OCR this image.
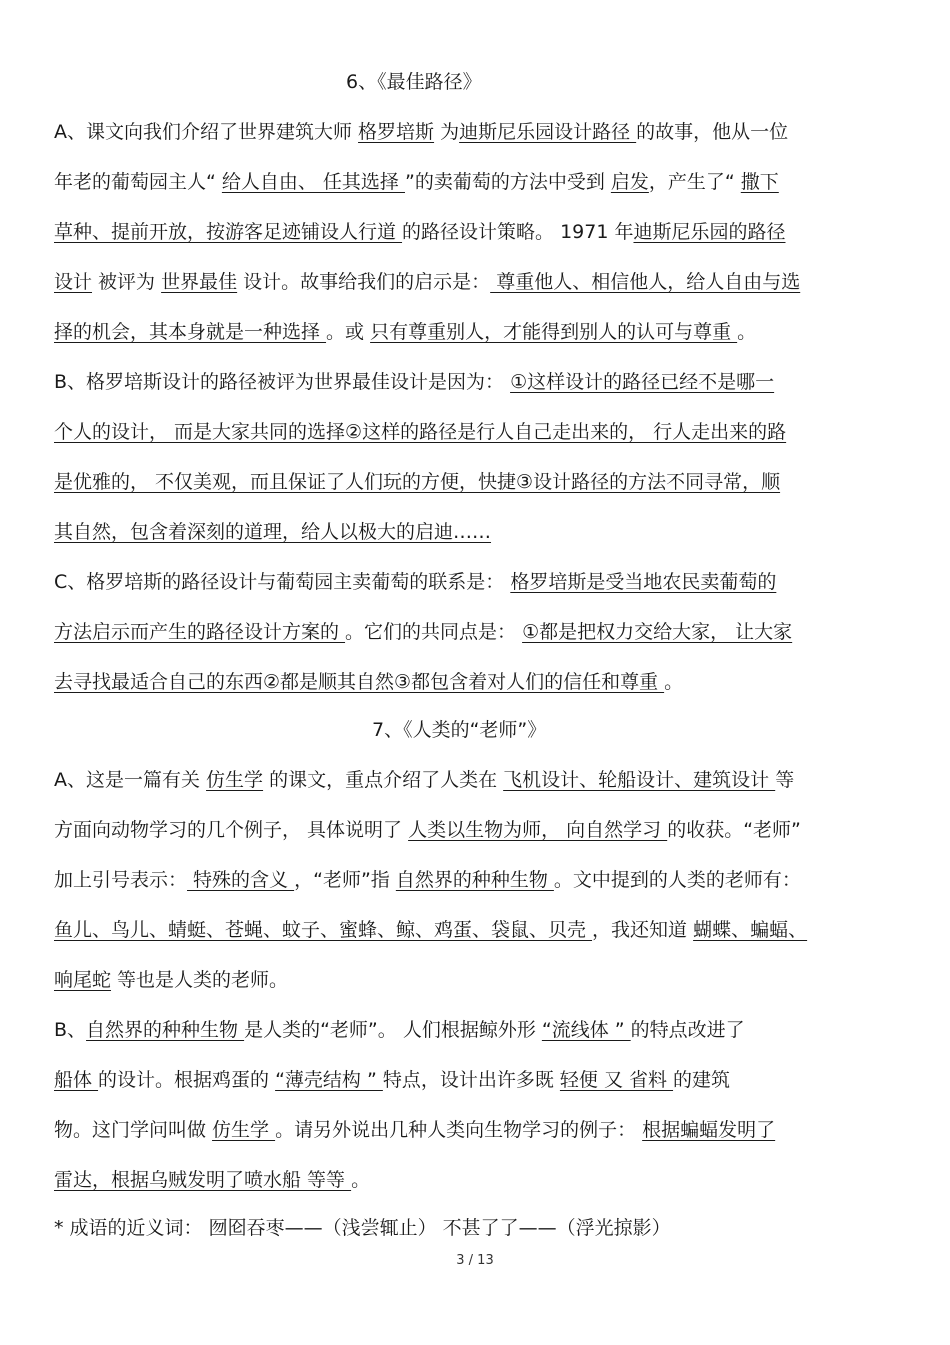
6、《最佳路径》
A、课文向我们介绍了世界建筑大师 格罗培斯 为迪斯尼乐园设计路径 的故事，他从一位
年老的葡萄园主人“ 给人自由、 任其选择 ”的卖葡萄的方法中受到 启发，产生了“ 撒下
草种、提前开放，按游客足迹铺设人行道 的路径设计策略。 1971 年迪斯尼乐园的路径
设计 被评为 世界最佳 设计。故事给我们的启示是： 尊重他人、相信他人，给人自由与选
择的机会，其本身就是一种选择 。或 只有尊重别人，才能得到别人的认可与尊重 。
B、格罗培斯设计的路径被评为世界最佳设计是因为： ①这样设计的路径已经不是哪一
个人的设计， 而是大家共同的选择②这样的路径是行人自己走出来的， 行人走出来的路
是优雅的， 不仅美观，而且保证了人们玩的方便，快捷③设计路径的方法不同寻常，顺
其自然，包含着深刻的道理，给人以极大的启迪……
C、格罗培斯的路径设计与葡萄园主卖葡萄的联系是： 格罗培斯是受当地农民卖葡萄的
方法启示而产生的路径设计方案的 。它们的共同点是： ①都是把权力交给大家， 让大家
去寻找最适合自己的东西②都是顺其自然③都包含着对人们的信任和尊重 。
7、《人类的“老师”》
A、这是一篇有关 仿生学 的课文，重点介绍了人类在 飞机设计、轮船设计、建筑设计 等
方面向动物学习的几个例子， 具体说明了 人类以生物为师， 向自然学习 的收获。“老师”
加上引号表示： 特殊的含义 ，“老师”指 自然界的种种生物 。文中提到的人类的老师有：
鱼儿、鸟儿、蜻蜓、苍蝇、蚊子、蜜蜂、鲸、鸡蛋、袋鼠、贝壳 ，我还知道 蝴蝶、蝙蝠、
响尾蛇 等也是人类的老师。
B、自然界的种种生物 是人类的“老师”。 人们根据鲸外形 “流线体 ” 的特点改进了
船体 的设计。根据鸡蛋的 “薄壳结构 ” 特点，设计出许多既 轻便 又 省料 的建筑
物。这门学问叫做 仿生学 。请另外说出几种人类向生物学习的例子： 根据蝙蝠发明了
雷达，根据乌贼发明了喷水船 等等 。
* 成语的近义词： 囫囵吞枣——（浅尝辄止） 不甚了了——（浮光掠影）
3 / 13
